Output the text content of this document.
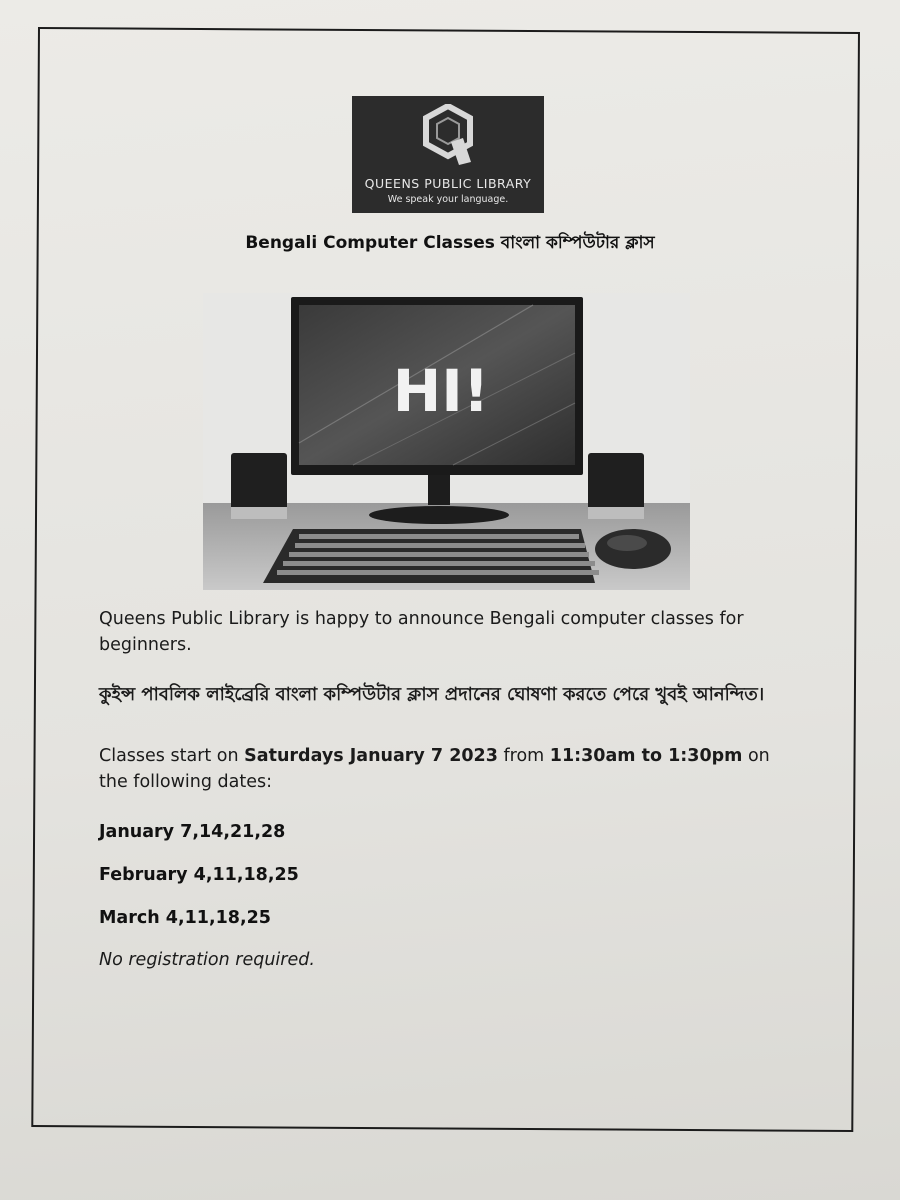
QUEENS PUBLIC LIBRARY
We speak your language.
Bengali Computer Classes বাংলা কম্পিউটার ক্লাস
HI!
Queens Public Library is happy to announce Bengali computer classes for beginners.
কুইন্স পাবলিক লাইব্রেরি বাংলা কম্পিউটার ক্লাস প্রদানের ঘোষণা করতে পেরে খুবই আনন্দিত।
Classes start on Saturdays January 7 2023 from 11:30am to 1:30pm on the following dates:
January 7,14,21,28
February 4,11,18,25
March 4,11,18,25
No registration required.
